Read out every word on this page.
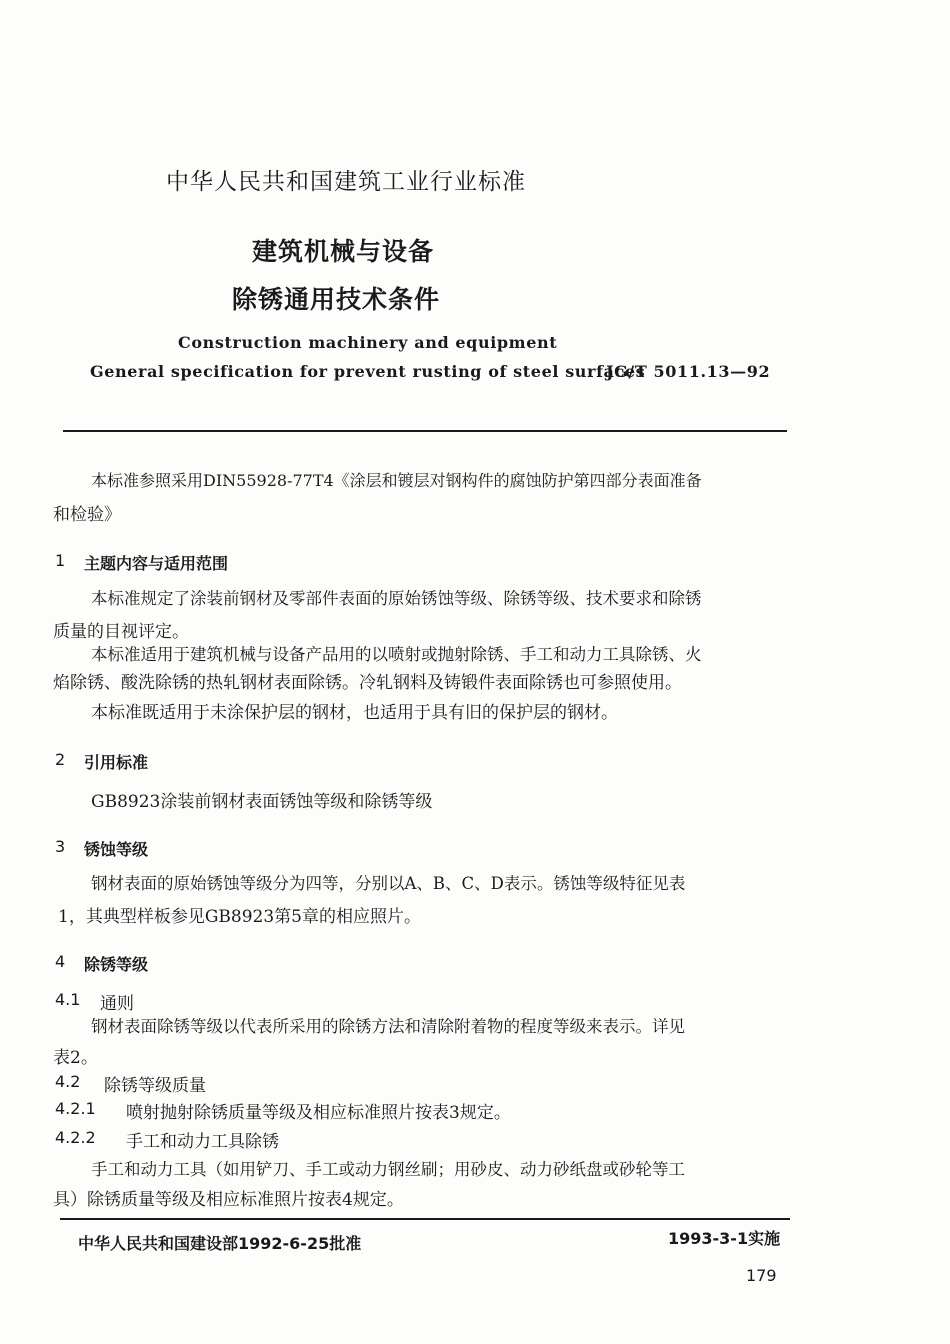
中华人民共和国建筑工业行业标准
建筑机械与设备
除锈通用技术条件
Construction machinery and equipment
General specification for prevent rusting of steel surfaces
JG/T 5011.13—92
本标准参照采用DIN55928-77T4《涂层和镀层对钢构件的腐蚀防护第四部分表面准备
和检验》
1 主题内容与适用范围
本标准规定了涂装前钢材及零部件表面的原始锈蚀等级、除锈等级、技术要求和除锈
质量的目视评定。
本标准适用于建筑机械与设备产品用的以喷射或抛射除锈、手工和动力工具除锈、火
焰除锈、酸洗除锈的热轧钢材表面除锈。冷轧钢料及铸锻件表面除锈也可参照使用。
本标准既适用于未涂保护层的钢材，也适用于具有旧的保护层的钢材。
2 引用标准
GB8923涂装前钢材表面锈蚀等级和除锈等级
3 锈蚀等级
钢材表面的原始锈蚀等级分为四等，分别以A、B、C、D表示。锈蚀等级特征见表
1，其典型样板参见GB8923第5章的相应照片。
4 除锈等级
4.1 通则
钢材表面除锈等级以代表所采用的除锈方法和清除附着物的程度等级来表示。详见
表2。
4.2 除锈等级质量
4.2.1 喷射抛射除锈质量等级及相应标准照片按表3规定。
4.2.2 手工和动力工具除锈
手工和动力工具（如用铲刀、手工或动力钢丝刷；用砂皮、动力砂纸盘或砂轮等工
具）除锈质量等级及相应标准照片按表4规定。
中华人民共和国建设部1992-6-25批准	1993-3-1实施
179
